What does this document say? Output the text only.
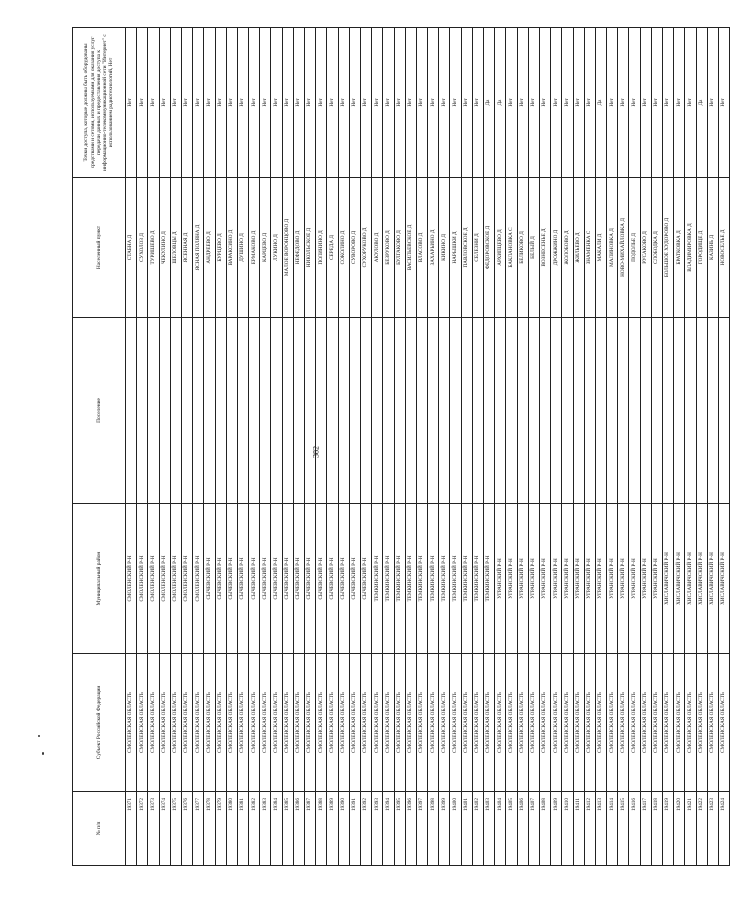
382
№ п/п	Субъект Российской Федерации	Муниципальный район	Поселение	Населенный пункт	Точки доступа, которые должны быть оборудованы средствами и сетями, используемыми для оказания услуг передачи данных и предоставления доступа к информационно-телекоммуникационной сети "Интернет" с использованием радиотехнологий, Нет
19371	СМОЛЕНСКАЯ ОБЛАСТЬ	СМОЛЕНСКИЙ Р-Н		СТАБНА Д	Нет
19372	СМОЛЕНСКАЯ ОБЛАСТЬ	СМОЛЕНСКИЙ Р-Н		СУХОЛОЗ Д	Нет
19373	СМОЛЕНСКАЯ ОБЛАСТЬ	СМОЛЕНСКИЙ Р-Н		ТУРИШЕВО Д	Нет
19374	СМОЛЕНСКАЯ ОБЛАСТЬ	СМОЛЕНСКИЙ Р-Н		ЧЕКУЛИНО Д	Нет
19375	СМОЛЕНСКАЯ ОБЛАСТЬ	СМОЛЕНСКИЙ Р-Н		ШЕЛОВЦЫ Д	Нет
19376	СМОЛЕНСКАЯ ОБЛАСТЬ	СМОЛЕНСКИЙ Р-Н		ЯСЕННАЯ Д	Нет
19377	СМОЛЕНСКАЯ ОБЛАСТЬ	СМОЛЕНСКИЙ Р-Н		ЯСНАЯ ПОЛЯНА Д	Нет
19378	СМОЛЕНСКАЯ ОБЛАСТЬ	СЫЧЕВСКИЙ Р-Н		АНДРЕЕВО Д	Нет
19379	СМОЛЕНСКАЯ ОБЛАСТЬ	СЫЧЕВСКИЙ Р-Н		БУРЦЕВО Д	Нет
19380	СМОЛЕНСКАЯ ОБЛАСТЬ	СЫЧЕВСКИЙ Р-Н		ВАРАКСИНО Д	Нет
19381	СМОЛЕНСКАЯ ОБЛАСТЬ	СЫЧЕВСКИЙ Р-Н		ДУШИНО Д	Нет
19382	СМОЛЕНСКАЯ ОБЛАСТЬ	СЫЧЕВСКИЙ Р-Н		ЕРМАКОВО Д	Нет
19383	СМОЛЕНСКАЯ ОБЛАСТЬ	СЫЧЕВСКИЙ Р-Н		КАРЦЕВО Д	Нет
19384	СМОЛЕНСКАЯ ОБЛАСТЬ	СЫЧЕВСКИЙ Р-Н		ЛУКИНО Д	Нет
19385	СМОЛЕНСКАЯ ОБЛАСТЬ	СЫЧЕВСКИЙ Р-Н		МАЛОЕ ВОРОНЦОВО Д	Нет
19386	СМОЛЕНСКАЯ ОБЛАСТЬ	СЫЧЕВСКИЙ Р-Н		НЕФЕДОВО Д	Нет
19387	СМОЛЕНСКАЯ ОБЛАСТЬ	СЫЧЕВСКИЙ Р-Н		НИКОЛЬСКОЕ Д	Нет
19388	СМОЛЕНСКАЯ ОБЛАСТЬ	СЫЧЕВСКИЙ Р-Н		ПОЛИНИНО Д	Нет
19389	СМОЛЕНСКАЯ ОБЛАСТЬ	СЫЧЕВСКИЙ Р-Н		СЕРЕДА Д	Нет
19390	СМОЛЕНСКАЯ ОБЛАСТЬ	СЫЧЕВСКИЙ Р-Н		СОКОЛИНО Д	Нет
19391	СМОЛЕНСКАЯ ОБЛАСТЬ	СЫЧЕВСКИЙ Р-Н		СУВОРОВО Д	Нет
19392	СМОЛЕНСКАЯ ОБЛАСТЬ	СЫЧЕВСКИЙ Р-Н		СУХОРУКОВО Д	Нет
19393	СМОЛЕНСКАЯ ОБЛАСТЬ	ТЕМКИНСКИЙ Р-Н		АКУЛОВО Д	Нет
19394	СМОЛЕНСКАЯ ОБЛАСТЬ	ТЕМКИНСКИЙ Р-Н		БЕЗРУКОВО Д	Нет
19395	СМОЛЕНСКАЯ ОБЛАСТЬ	ТЕМКИНСКИЙ Р-Н		БУЛГАКОВО Д	Нет
19396	СМОЛЕНСКАЯ ОБЛАСТЬ	ТЕМКИНСКИЙ Р-Н		ВАСИЛЬЕВСКОЕ Д	Нет
19397	СМОЛЕНСКАЯ ОБЛАСТЬ	ТЕМКИНСКИЙ Р-Н		ВЛАСОВО Д	Нет
19398	СМОЛЕНСКАЯ ОБЛАСТЬ	ТЕМКИНСКИЙ Р-Н		ЗАХАРЬИНО Д	Нет
19399	СМОЛЕНСКАЯ ОБЛАСТЬ	ТЕМКИНСКИЙ Р-Н		КИКИНО Д	Нет
19400	СМОЛЕНСКАЯ ОБЛАСТЬ	ТЕМКИНСКИЙ Р-Н		НАРЫШКИ Д	Нет
19401	СМОЛЕНСКАЯ ОБЛАСТЬ	ТЕМКИНСКИЙ Р-Н		ПАВЛОВСКОЕ Д	Нет
19402	СМОЛЕНСКАЯ ОБЛАСТЬ	ТЕМКИНСКИЙ Р-Н		СЕЛЕЗНИ Д	Нет
19403	СМОЛЕНСКАЯ ОБЛАСТЬ	ТЕМКИНСКИЙ Р-Н		ФЕДОРОВСКОЕ Д	Да
19404	СМОЛЕНСКАЯ ОБЛАСТЬ	УГРАНСКИЙ Р-Н		АРХИПЦЕВО Д	Да
19405	СМОЛЕНСКАЯ ОБЛАСТЬ	УГРАНСКИЙ Р-Н		БАКЛАНОВКА С	Нет
19406	СМОЛЕНСКАЯ ОБЛАСТЬ	УГРАНСКИЙ Р-Н		БЕЛИКОВО Д	Нет
19407	СМОЛЕНСКАЯ ОБЛАСТЬ	УГРАНСКИЙ Р-Н		БЕЛЫЙ Д	Нет
19408	СМОЛЕНСКАЯ ОБЛАСТЬ	УГРАНСКИЙ Р-Н		ВОЗНЕСЕНЬЕ Д	Нет
19409	СМОЛЕНСКАЯ ОБЛАСТЬ	УГРАНСКИЙ Р-Н		ДРОЖЖИНО Д	Нет
19410	СМОЛЕНСКАЯ ОБЛАСТЬ	УГРАНСКИЙ Р-Н		ЖОЛОБОВО Д	Нет
19411	СМОЛЕНСКАЯ ОБЛАСТЬ	УГРАНСКИЙ Р-Н		ЖИЛЬЕВО Д	Нет
19412	СМОЛЕНСКАЯ ОБЛАСТЬ	УГРАНСКИЙ Р-Н		ЗНАМЕНКА С	Нет
19413	СМОЛЕНСКАЯ ОБЛАСТЬ	УГРАНСКИЙ Р-Н		МАКАЛИ Д	Да
19414	СМОЛЕНСКАЯ ОБЛАСТЬ	УГРАНСКИЙ Р-Н		МАЛИНОВКА Д	Нет
19415	СМОЛЕНСКАЯ ОБЛАСТЬ	УГРАНСКИЙ Р-Н		НОВО-МИХАЙЛОВКА Д	Нет
19416	СМОЛЕНСКАЯ ОБЛАСТЬ	УГРАНСКИЙ Р-Н		ПОДОЛЬЕ Д	Нет
19417	СМОЛЕНСКАЯ ОБЛАСТЬ	УГРАНСКИЙ Р-Н		РУСАКОВО Д	Нет
19418	СМОЛЕНСКАЯ ОБЛАСТЬ	УГРАНСКИЙ Р-Н		СЛОБОДКА Д	Нет
19419	СМОЛЕНСКАЯ ОБЛАСТЬ	ХИСЛАВИЧСКИЙ Р-Н		БОЛЬШОЕ ХУДОРОВО Д	Нет
19420	СМОЛЕНСКАЯ ОБЛАСТЬ	ХИСЛАВИЧСКИЙ Р-Н		БРАТКОВКА Д	Нет
19421	СМОЛЕНСКАЯ ОБЛАСТЬ	ХИСЛАВИЧСКИЙ Р-Н		ВЛАДИМИРОВКА Д	Нет
19422	СМОЛЕНСКАЯ ОБЛАСТЬ	ХИСЛАВИЧСКИЙ Р-Н		ГОРОДИЩЕ Д	Да
19423	СМОЛЕНСКАЯ ОБЛАСТЬ	ХИСЛАВИЧСКИЙ Р-Н		КАЗИНЬ Д	Нет
19424	СМОЛЕНСКАЯ ОБЛАСТЬ	ХИСЛАВИЧСКИЙ Р-Н		НОВОСЕЛЬЕ Д	Нет
